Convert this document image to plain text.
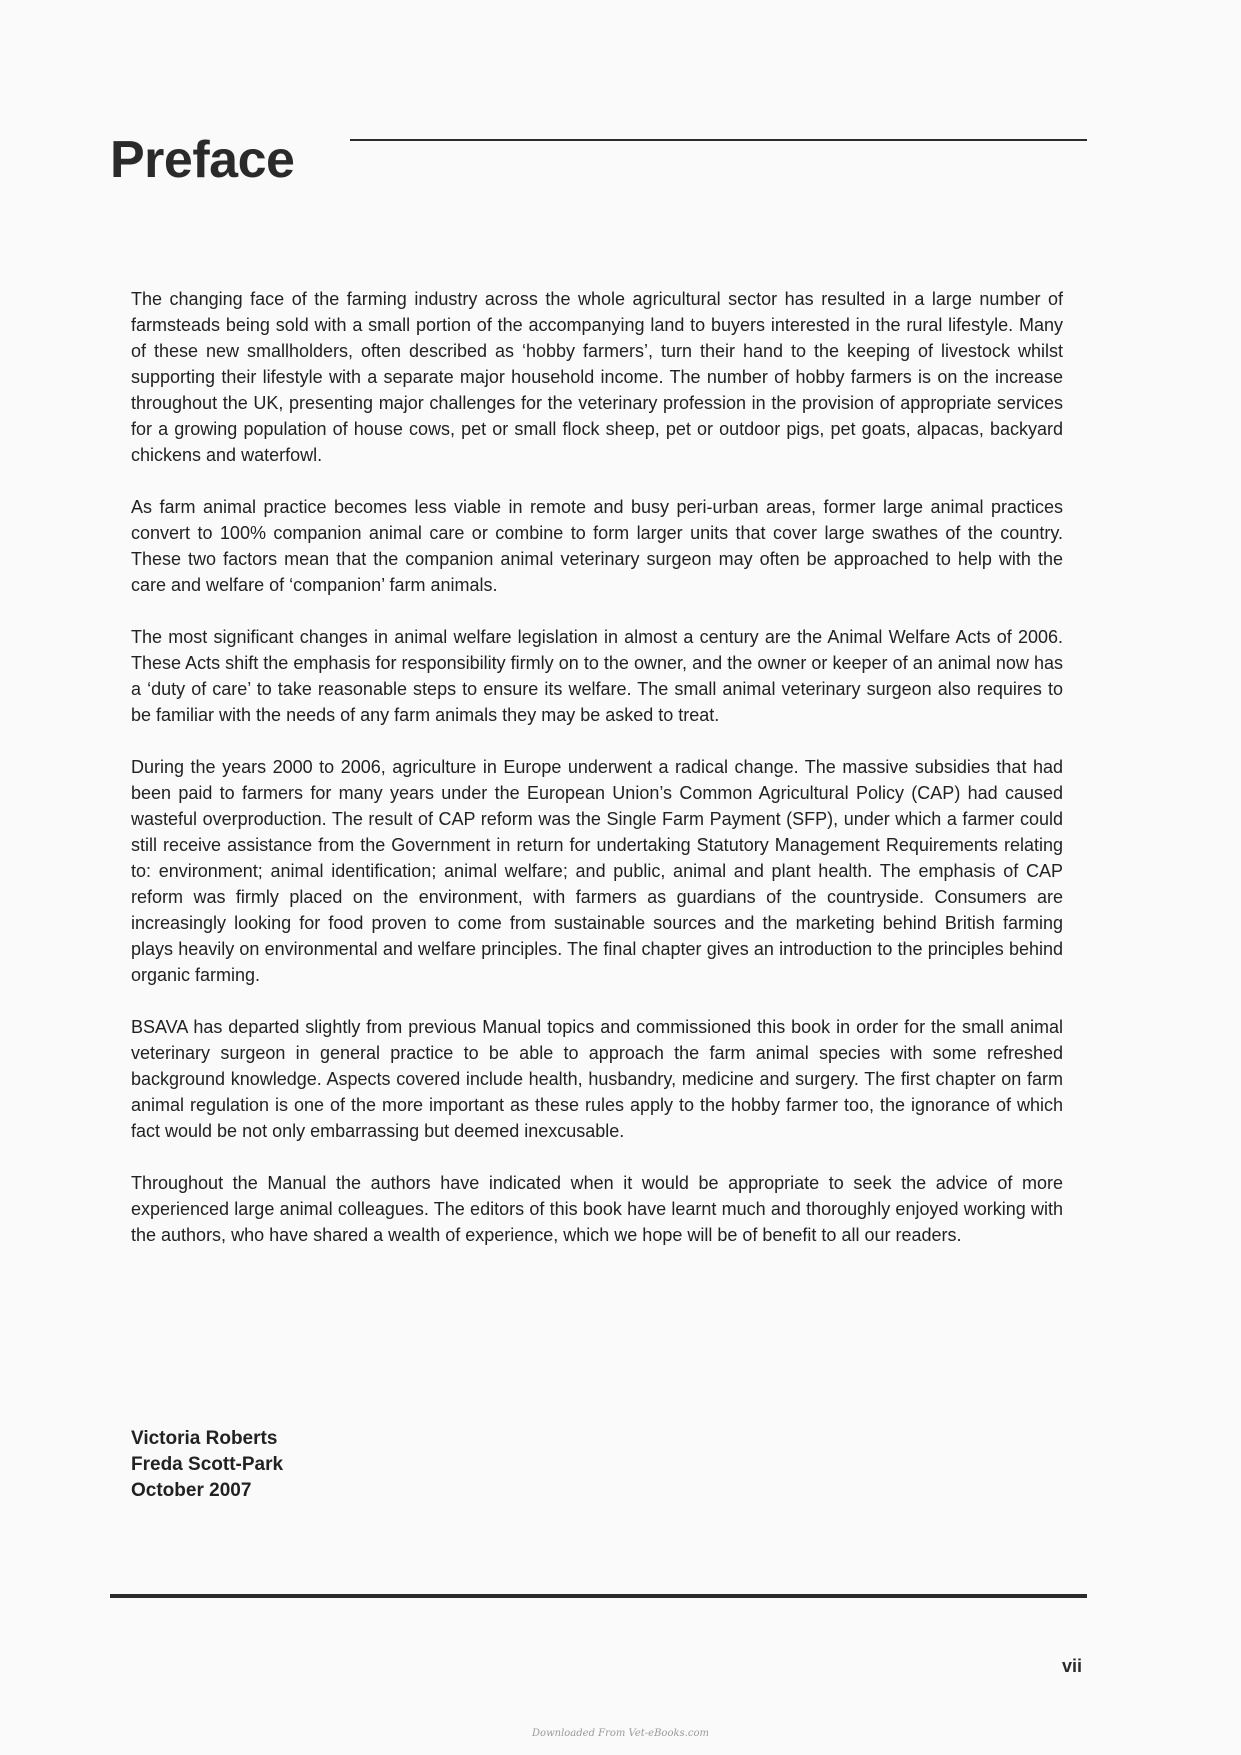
Preface

The changing face of the farming industry across the whole agricultural sector has resulted in a large number of farmsteads being sold with a small portion of the accompanying land to buyers interested in the rural lifestyle. Many of these new smallholders, often described as ‘hobby farmers’, turn their hand to the keeping of livestock whilst supporting their lifestyle with a separate major household income. The number of hobby farmers is on the increase throughout the UK, presenting major challenges for the veterinary profession in the provision of appropriate services for a growing population of house cows, pet or small flock sheep, pet or outdoor pigs, pet goats, alpacas, backyard chickens and waterfowl.

As farm animal practice becomes less viable in remote and busy peri-urban areas, former large animal practices convert to 100% companion animal care or combine to form larger units that cover large swathes of the country. These two factors mean that the companion animal veterinary surgeon may often be approached to help with the care and welfare of ‘companion’ farm animals.

The most significant changes in animal welfare legislation in almost a century are the Animal Welfare Acts of 2006. These Acts shift the emphasis for responsibility firmly on to the owner, and the owner or keeper of an animal now has a ‘duty of care’ to take reasonable steps to ensure its welfare. The small animal veterinary surgeon also requires to be familiar with the needs of any farm animals they may be asked to treat.

During the years 2000 to 2006, agriculture in Europe underwent a radical change. The massive subsidies that had been paid to farmers for many years under the European Union’s Common Agricultural Policy (CAP) had caused wasteful overproduction. The result of CAP reform was the Single Farm Payment (SFP), under which a farmer could still receive assistance from the Government in return for undertaking Statutory Management Requirements relating to: environment; animal identification; animal welfare; and public, animal and plant health. The emphasis of CAP reform was firmly placed on the environment, with farmers as guardians of the countryside. Consumers are increasingly looking for food proven to come from sustainable sources and the marketing behind British farming plays heavily on environmental and welfare principles. The final chapter gives an introduction to the principles behind organic farming.

BSAVA has departed slightly from previous Manual topics and commissioned this book in order for the small animal veterinary surgeon in general practice to be able to approach the farm animal species with some refreshed background knowledge. Aspects covered include health, husbandry, medicine and surgery. The first chapter on farm animal regulation is one of the more important as these rules apply to the hobby farmer too, the ignorance of which fact would be not only embarrassing but deemed inexcusable.

Throughout the Manual the authors have indicated when it would be appropriate to seek the advice of more experienced large animal colleagues. The editors of this book have learnt much and thoroughly enjoyed working with the authors, who have shared a wealth of experience, which we hope will be of benefit to all our readers.

Victoria Roberts
Freda Scott-Park
October 2007
vii
Downloaded From Vet-eBooks.com
